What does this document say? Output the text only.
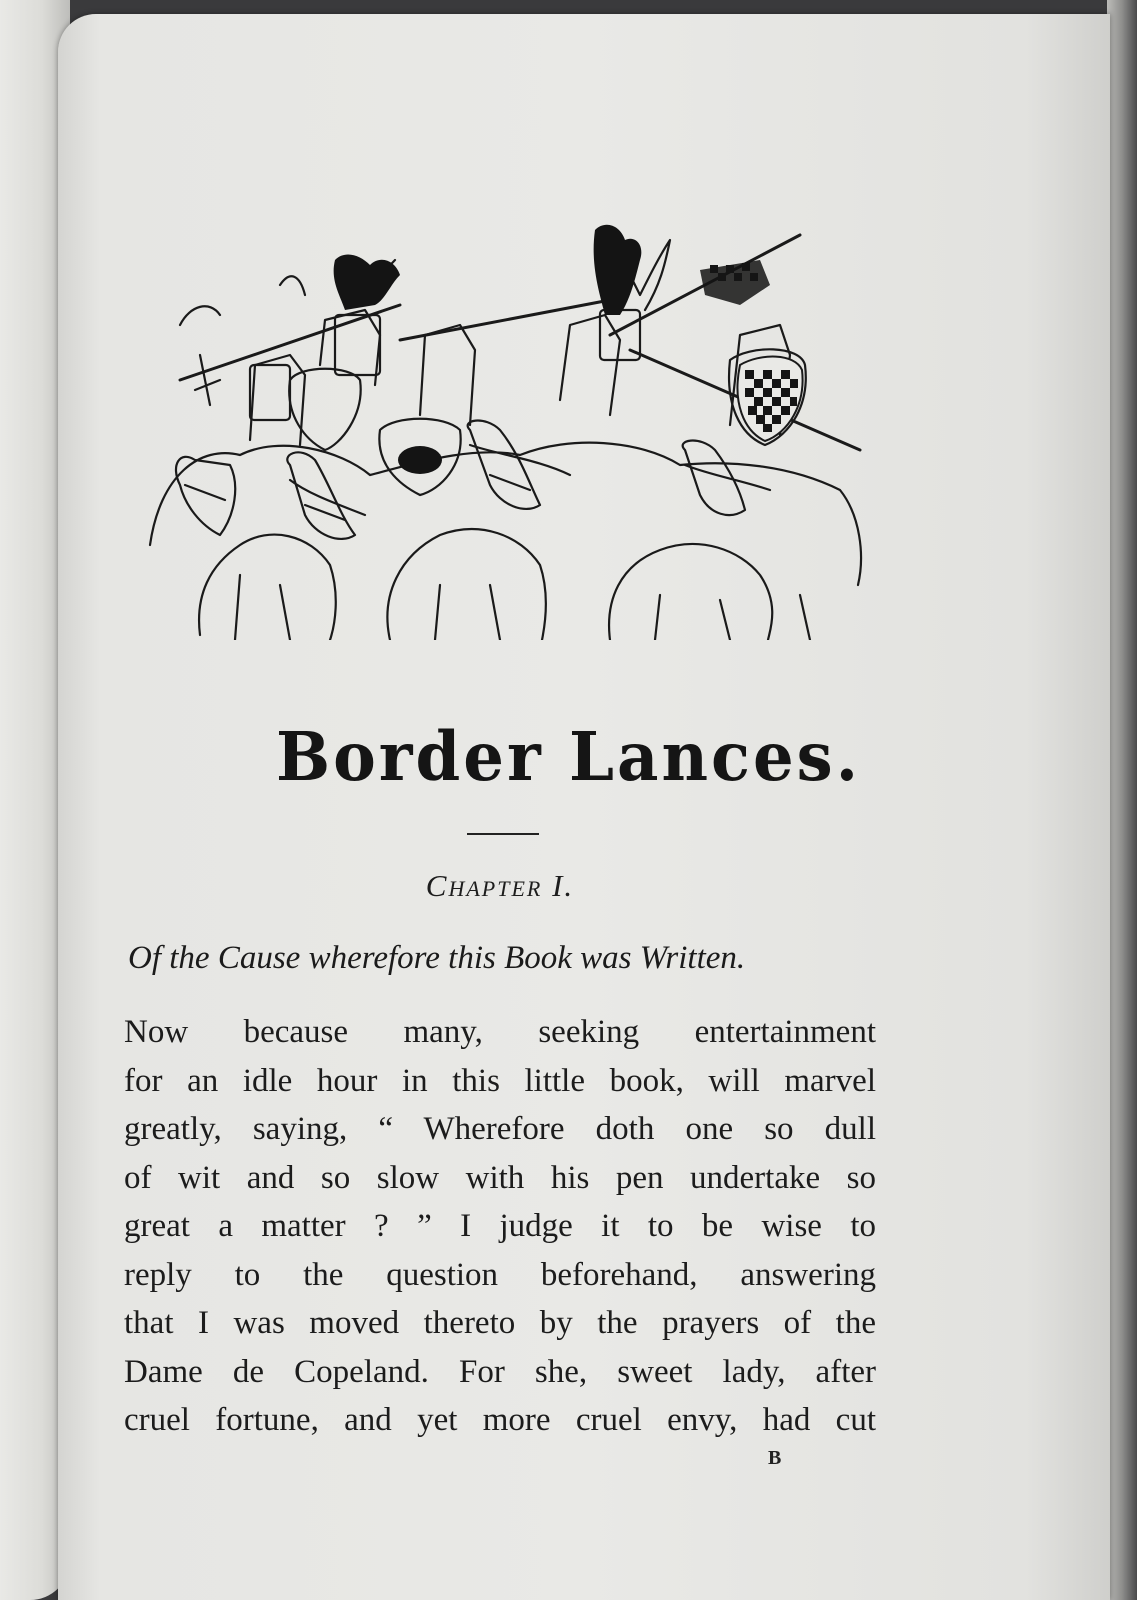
Border Lances.
Chapter I.
Of the Cause wherefore this Book was Written.
Now because many, seeking entertainment
for an idle hour in this little book, will marvel
greatly, saying, “ Wherefore doth one so dull
of wit and so slow with his pen undertake so
great a matter ? ” I judge it to be wise to
reply to the question beforehand, answering
that I was moved thereto by the prayers of the
Dame de Copeland. For she, sweet lady, after
cruel fortune, and yet more cruel envy, had cut
B
